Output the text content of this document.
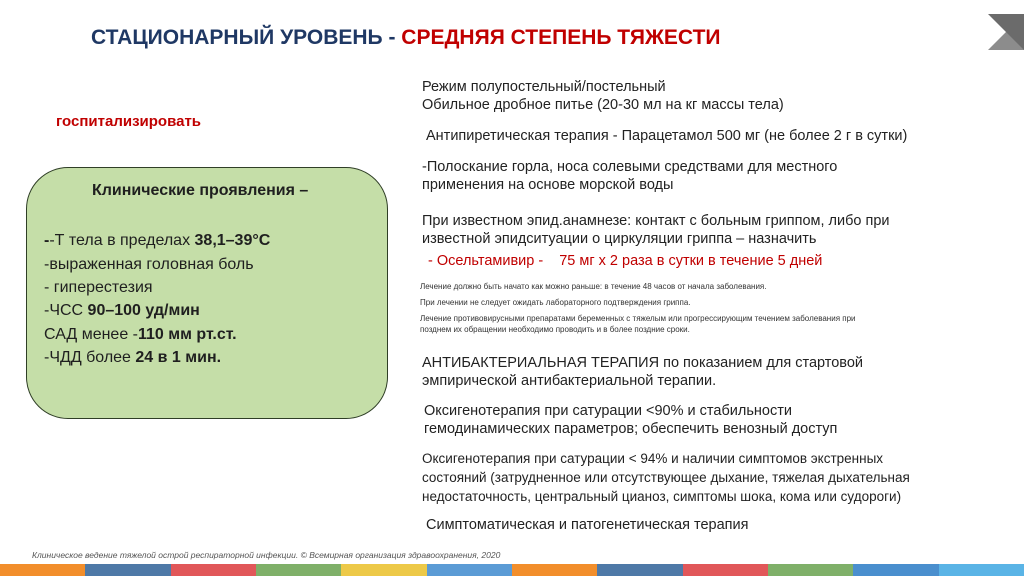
СТАЦИОНАРНЫЙ УРОВЕНЬ - СРЕДНЯЯ СТЕПЕНЬ ТЯЖЕСТИ
госпитализировать
Клинические проявления –
--Т тела в пределах 38,1–39°С
-выраженная головная боль
- гиперестезия
-ЧСС 90–100 уд/мин
САД менее -110 мм рт.ст.
-ЧДД более 24 в 1 мин.
Режим полупостельный/постельный
Обильное дробное питье (20-30 мл на кг массы тела)
Антипиретическая терапия - Парацетамол 500 мг (не более 2 г в сутки)
-Полоскание горла, носа солевыми средствами для местного
применения на основе морской воды
При известном эпид.анамнезе: контакт с больным гриппом, либо при
известной эпидситуации о циркуляции гриппа – назначить
- Осельтамивир - 75 мг х 2 раза в сутки в течение 5 дней
Лечение должно быть начато как можно раньше: в течение 48 часов от начала заболевания.
При лечении не следует ожидать лабораторного подтверждения гриппа.
Лечение противовирусными препаратами беременных с тяжелым или прогрессирующим течением заболевания при
позднем их обращении необходимо проводить и в более поздние сроки.
АНТИБАКТЕРИАЛЬНАЯ ТЕРАПИЯ по показанием для стартовой
эмпирической антибактериальной терапии.
Оксигенотерапия при сатурации <90% и стабильности
гемодинамических параметров; обеспечить венозный доступ
Оксигенотерапия при сатурации < 94% и наличии симптомов экстренных
состояний (затрудненное или отсутствующее дыхание, тяжелая дыхательная
недостаточность, центральный цианоз, симптомы шока, кома или судороги)
Симптоматическая и патогенетическая терапия
Клиническое ведение тяжелой острой респираторной инфекции. © Всемирная организация здравоохранения, 2020
